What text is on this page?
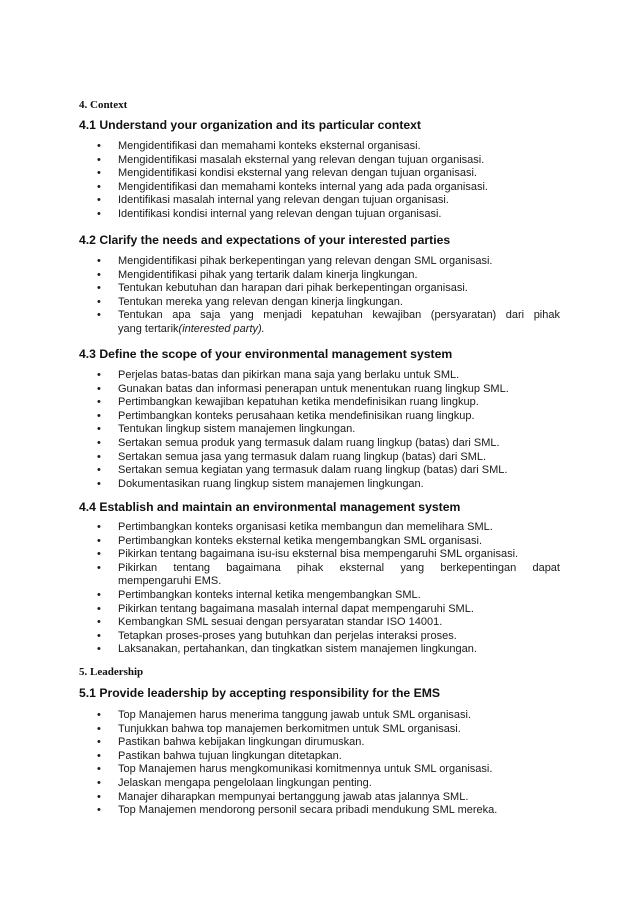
4. Context
4.1 Understand your organization and its particular context
• Mengidentifikasi dan memahami konteks eksternal organisasi.
• Mengidentifikasi masalah eksternal yang relevan dengan tujuan organisasi.
• Mengidentifikasi kondisi eksternal yang relevan dengan tujuan organisasi.
• Mengidentifikasi dan memahami konteks internal yang ada pada organisasi.
• Identifikasi masalah internal yang relevan dengan tujuan organisasi.
• Identifikasi kondisi internal yang relevan dengan tujuan organisasi.
4.2 Clarify the needs and expectations of your interested parties
• Mengidentifikasi pihak berkepentingan yang relevan dengan SML organisasi.
• Mengidentifikasi pihak yang tertarik dalam kinerja lingkungan.
• Tentukan kebutuhan dan harapan dari pihak berkepentingan organisasi.
• Tentukan mereka yang relevan dengan kinerja lingkungan.
• Tentukan apa saja yang menjadi kepatuhan kewajiban (persyaratan) dari pihak
yang tertarik(interested party).
4.3 Define the scope of your environmental management system
• Perjelas batas-batas dan pikirkan mana saja yang berlaku untuk SML.
• Gunakan batas dan informasi penerapan untuk menentukan ruang lingkup SML.
• Pertimbangkan kewajiban kepatuhan ketika mendefinisikan ruang lingkup.
• Pertimbangkan konteks perusahaan ketika mendefinisikan ruang lingkup.
• Tentukan lingkup sistem manajemen lingkungan.
• Sertakan semua produk yang termasuk dalam ruang lingkup (batas) dari SML.
• Sertakan semua jasa yang termasuk dalam ruang lingkup (batas) dari SML.
• Sertakan semua kegiatan yang termasuk dalam ruang lingkup (batas) dari SML.
• Dokumentasikan ruang lingkup sistem manajemen lingkungan.
4.4 Establish and maintain an environmental management system
• Pertimbangkan konteks organisasi ketika membangun dan memelihara SML.
• Pertimbangkan konteks eksternal ketika mengembangkan SML organisasi.
• Pikirkan tentang bagaimana isu-isu eksternal bisa mempengaruhi SML organisasi.
• Pikirkan tentang bagaimana pihak eksternal yang berkepentingan dapat
mempengaruhi EMS.
• Pertimbangkan konteks internal ketika mengembangkan SML.
• Pikirkan tentang bagaimana masalah internal dapat mempengaruhi SML.
• Kembangkan SML sesuai dengan persyaratan standar ISO 14001.
• Tetapkan proses-proses yang butuhkan dan perjelas interaksi proses.
• Laksanakan, pertahankan, dan tingkatkan sistem manajemen lingkungan.
5. Leadership
5.1 Provide leadership by accepting responsibility for the EMS
• Top Manajemen harus menerima tanggung jawab untuk SML organisasi.
• Tunjukkan bahwa top manajemen berkomitmen untuk SML organisasi.
• Pastikan bahwa kebijakan lingkungan dirumuskan.
• Pastikan bahwa tujuan lingkungan ditetapkan.
• Top Manajemen harus mengkomunikasi komitmennya untuk SML organisasi.
• Jelaskan mengapa pengelolaan lingkungan penting.
• Manajer diharapkan mempunyai bertanggung jawab atas jalannya SML.
• Top Manajemen mendorong personil secara pribadi mendukung SML mereka.
